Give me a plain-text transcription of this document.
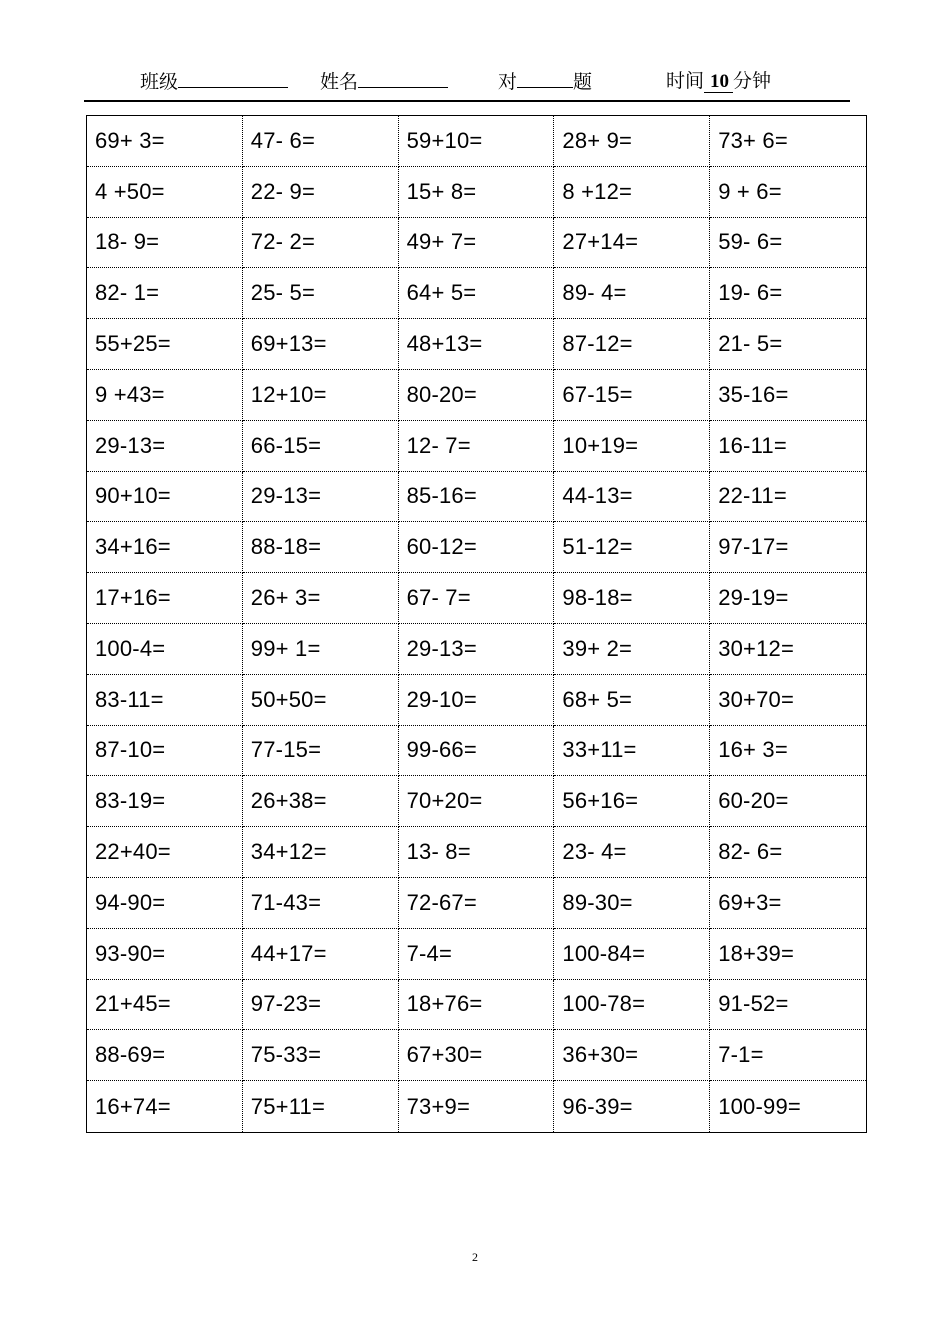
班级	姓名	对	题	时间 10 分钟
69+ 3=	47- 6=	59+10=	28+ 9=	73+ 6=
4 +50=	22- 9=	15+ 8=	8 +12=	9 + 6=
18- 9=	72- 2=	49+ 7=	27+14=	59- 6=
82- 1=	25- 5=	64+ 5=	89- 4=	19- 6=
55+25=	69+13=	48+13=	87-12=	21- 5=
9 +43=	12+10=	80-20=	67-15=	35-16=
29-13=	66-15=	12- 7=	10+19=	16-11=
90+10=	29-13=	85-16=	44-13=	22-11=
34+16=	88-18=	60-12=	51-12=	97-17=
17+16=	26+ 3=	67- 7=	98-18=	29-19=
100-4=	99+ 1=	29-13=	39+ 2=	30+12=
83-11=	50+50=	29-10=	68+ 5=	30+70=
87-10=	77-15=	99-66=	33+11=	16+ 3=
83-19=	26+38=	70+20=	56+16=	60-20=
22+40=	34+12=	13- 8=	23- 4=	82- 6=
94-90=	71-43=	72-67=	89-30=	69+3=
93-90=	44+17=	7-4=	100-84=	18+39=
21+45=	97-23=	18+76=	100-78=	91-52=
88-69=	75-33=	67+30=	36+30=	7-1=
16+74=	75+11=	73+9=	96-39=	100-99=
2
